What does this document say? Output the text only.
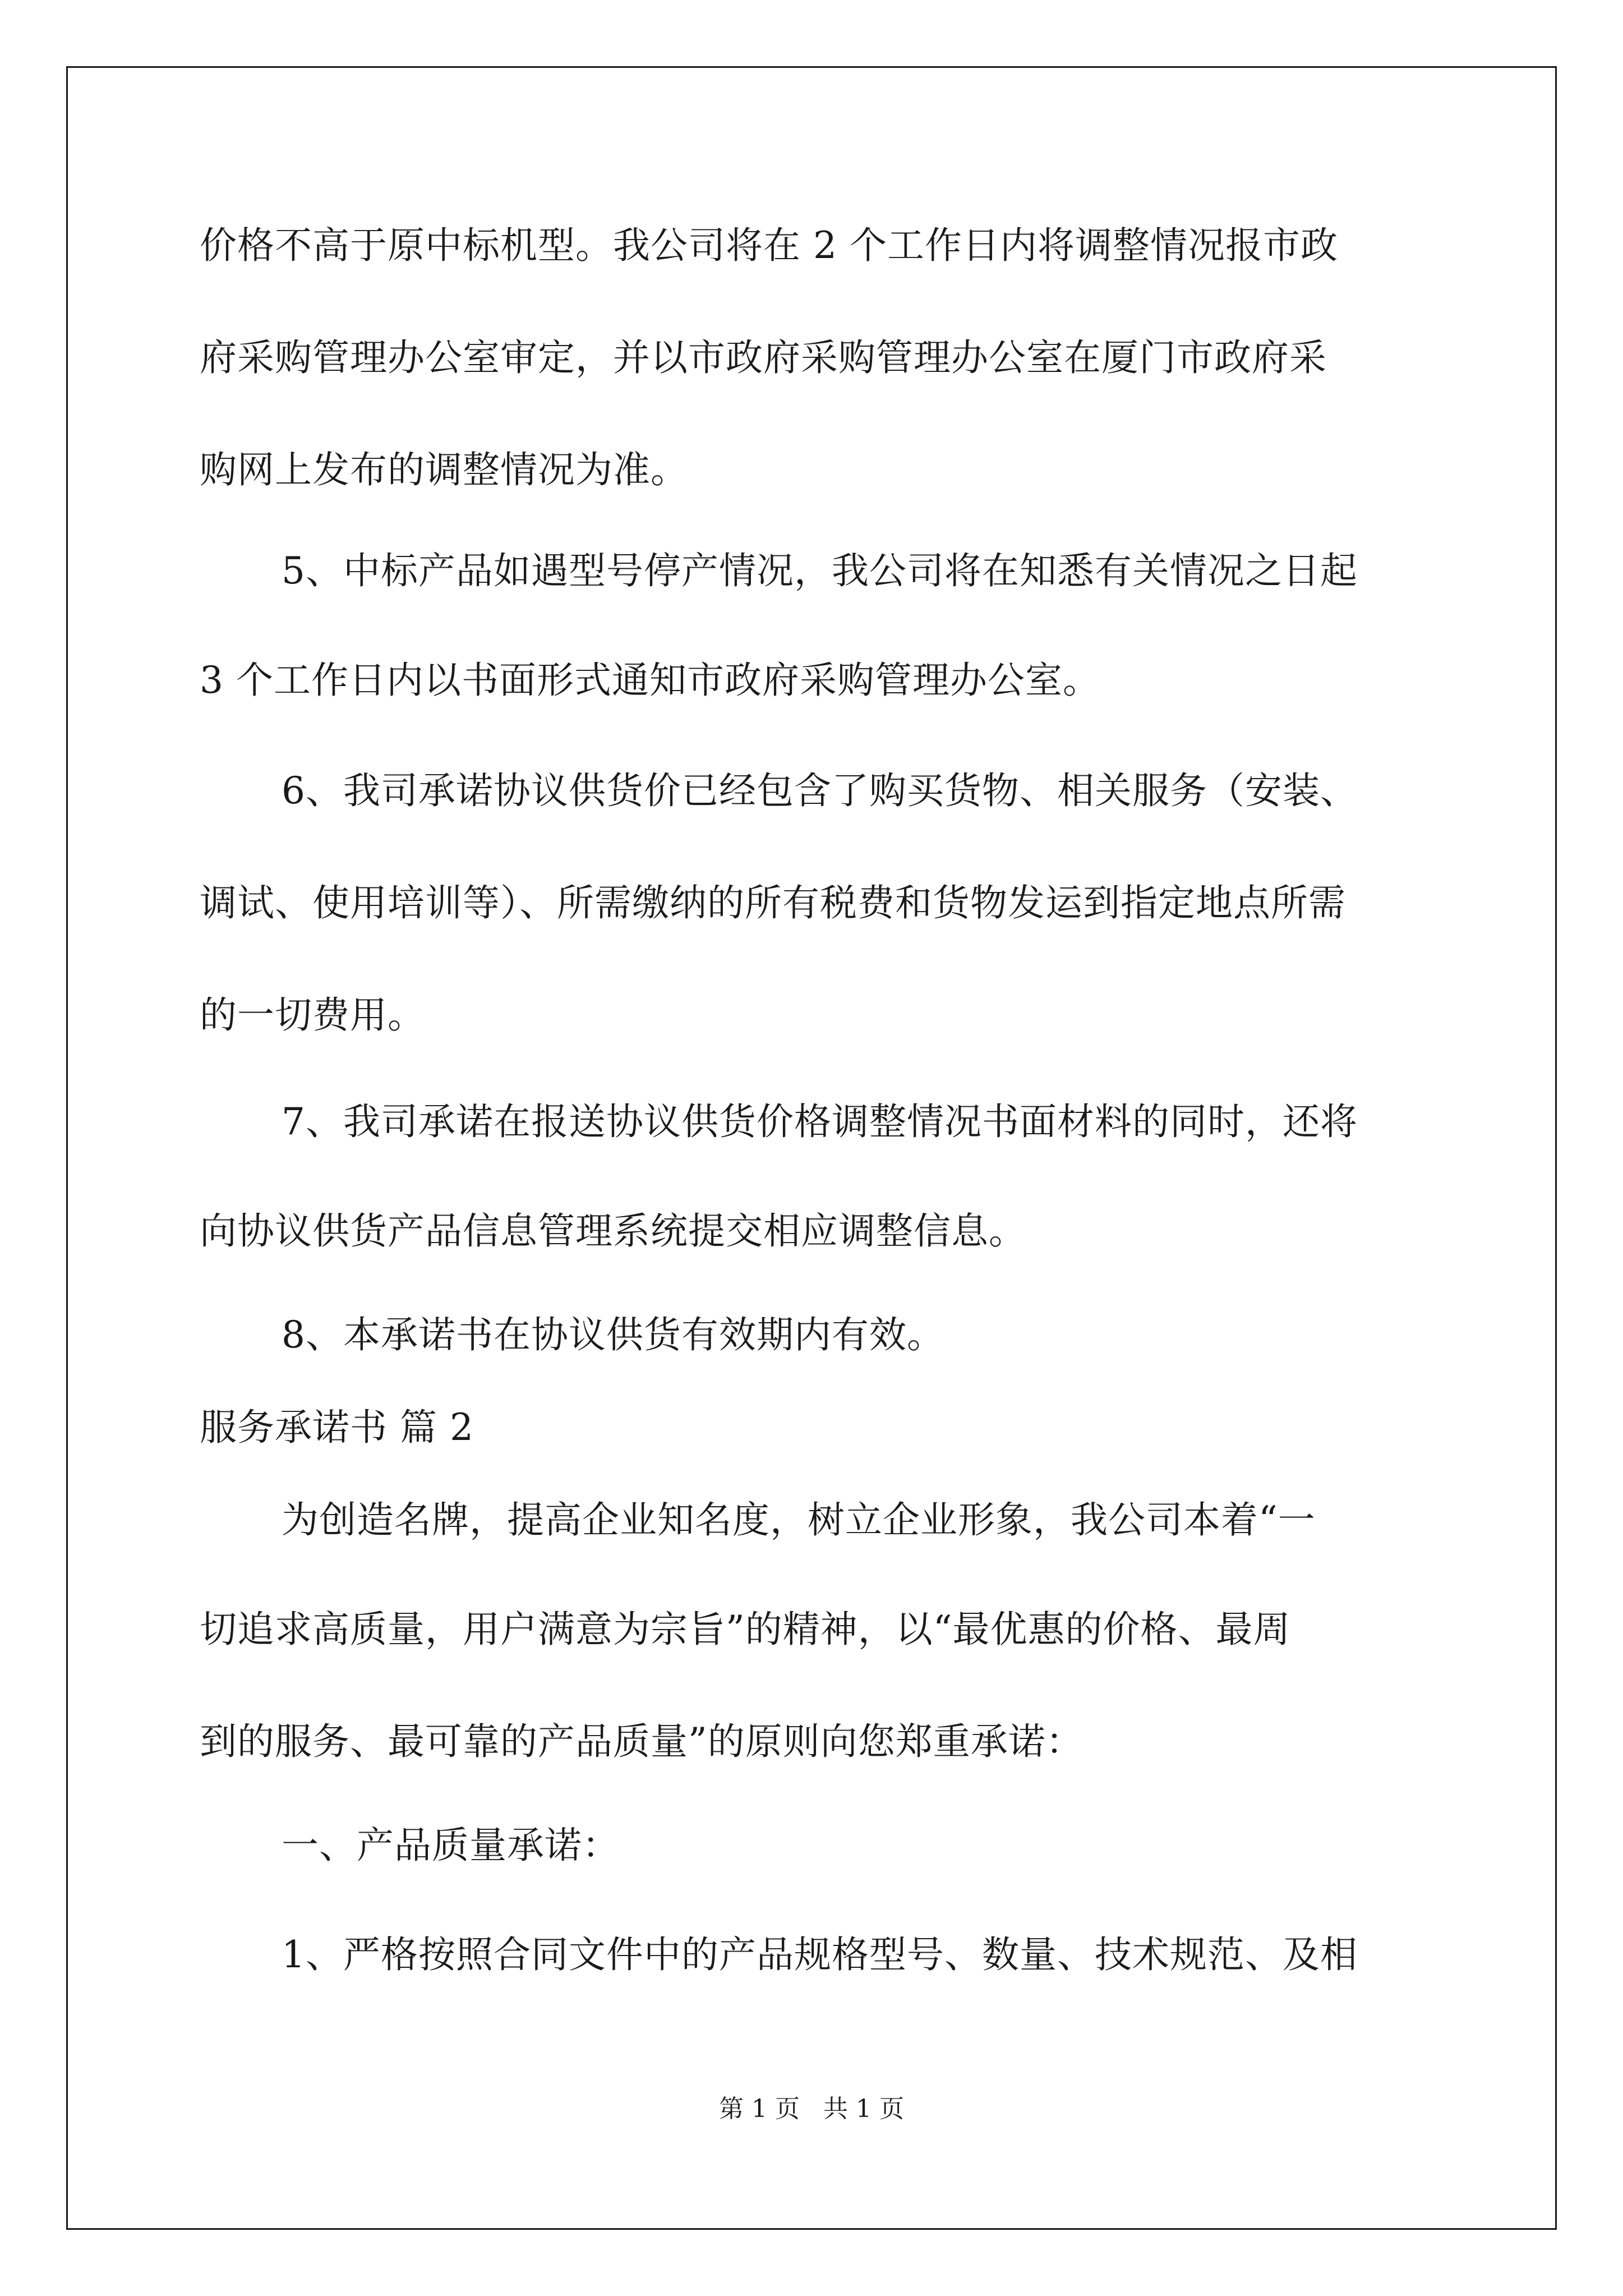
价格不高于原中标机型。我公司将在 2 个工作日内将调整情况报市政
府采购管理办公室审定，并以市政府采购管理办公室在厦门市政府采
购网上发布的调整情况为准。
5、中标产品如遇型号停产情况，我公司将在知悉有关情况之日起
3 个工作日内以书面形式通知市政府采购管理办公室。
6、我司承诺协议供货价已经包含了购买货物、相关服务（安装、
调试、使用培训等）、所需缴纳的所有税费和货物发运到指定地点所需
的一切费用。
7、我司承诺在报送协议供货价格调整情况书面材料的同时，还将
向协议供货产品信息管理系统提交相应调整信息。
8、本承诺书在协议供货有效期内有效。
服务承诺书 篇 2
为创造名牌，提高企业知名度，树立企业形象，我公司本着“一
切追求高质量，用户满意为宗旨”的精神，以“最优惠的价格、最周
到的服务、最可靠的产品质量”的原则向您郑重承诺：
一、产品质量承诺：
1、严格按照合同文件中的产品规格型号、数量、技术规范、及相
第 1 页   共 1 页
